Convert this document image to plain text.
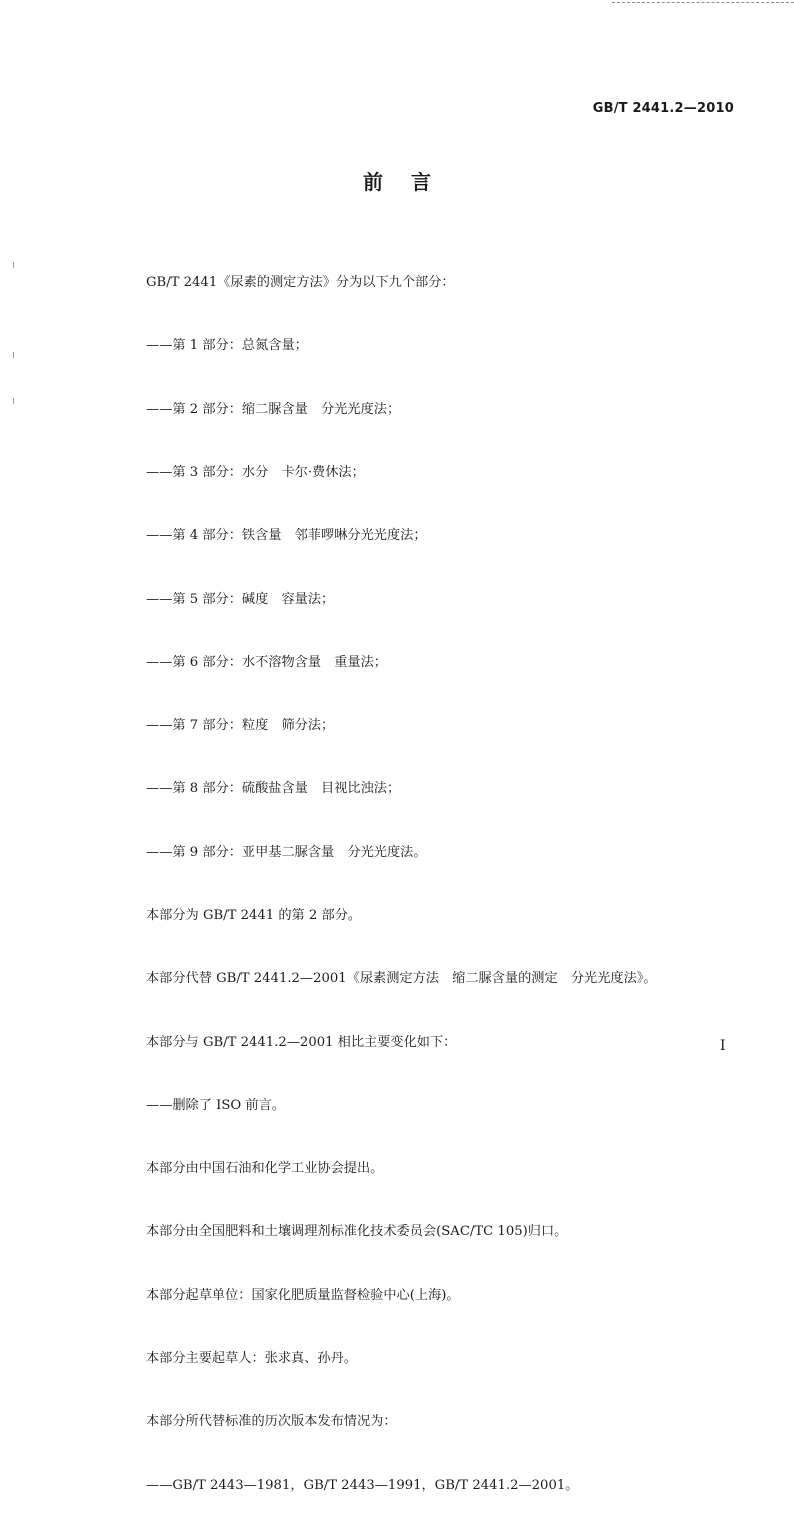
GB/T 2441.2—2010
前言

GB/T 2441《尿素的测定方法》分为以下九个部分：

——第 1 部分：总氮含量；

——第 2 部分：缩二脲含量　分光光度法；

——第 3 部分：水分　卡尔·费休法；

——第 4 部分：铁含量　邻菲啰啉分光光度法；

——第 5 部分：碱度　容量法；

——第 6 部分：水不溶物含量　重量法；

——第 7 部分：粒度　筛分法；

——第 8 部分：硫酸盐含量　目视比浊法；

——第 9 部分：亚甲基二脲含量　分光光度法。

本部分为 GB/T 2441 的第 2 部分。

本部分代替 GB/T 2441.2—2001《尿素测定方法　缩二脲含量的测定　分光光度法》。

本部分与 GB/T 2441.2—2001 相比主要变化如下：

——删除了 ISO 前言。

本部分由中国石油和化学工业协会提出。

本部分由全国肥料和土壤调理剂标准化技术委员会(SAC/TC 105)归口。

本部分起草单位：国家化肥质量监督检验中心(上海)。

本部分主要起草人：张求真、孙丹。

本部分所代替标准的历次版本发布情况为：

——GB/T 2443—1981，GB/T 2443—1991，GB/T 2441.2—2001。

I
